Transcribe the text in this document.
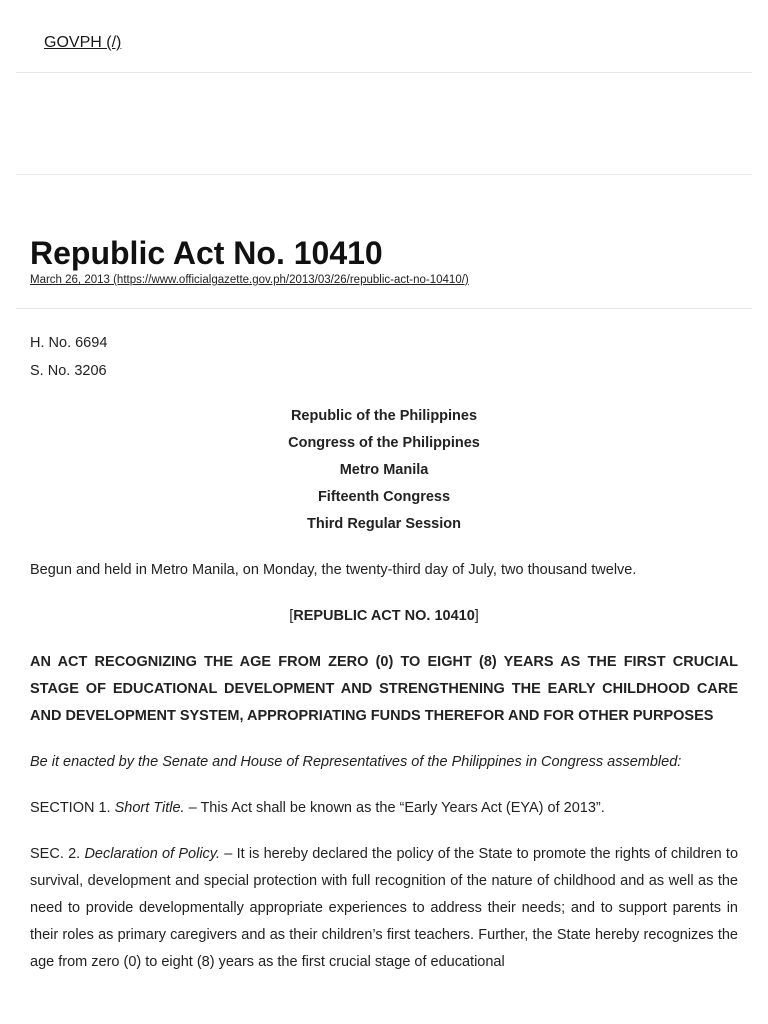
GOVPH (/)
Republic Act No. 10410
March 26, 2013 (https://www.officialgazette.gov.ph/2013/03/26/republic-act-no-10410/)

H. No. 6694

S. No. 3206

Republic of the Philippines
Congress of the Philippines
Metro Manila
Fifteenth Congress
Third Regular Session

Begun and held in Metro Manila, on Monday, the twenty-third day of July, two thousand twelve.

[REPUBLIC ACT NO. 10410]

AN ACT RECOGNIZING THE AGE FROM ZERO (0) TO EIGHT (8) YEARS AS THE FIRST CRUCIAL STAGE OF EDUCATIONAL DEVELOPMENT AND STRENGTHENING THE EARLY CHILDHOOD CARE AND DEVELOPMENT SYSTEM, APPROPRIATING FUNDS THEREFOR AND FOR OTHER PURPOSES

Be it enacted by the Senate and House of Representatives of the Philippines in Congress assembled:

SECTION 1. Short Title. – This Act shall be known as the “Early Years Act (EYA) of 2013”.

SEC. 2. Declaration of Policy. – It is hereby declared the policy of the State to promote the rights of children to survival, development and special protection with full recognition of the nature of childhood and as well as the need to provide developmentally appropriate experiences to address their needs; and to support parents in their roles as primary caregivers and as their children’s first teachers. Further, the State hereby recognizes the age from zero (0) to eight (8) years as the first crucial stage of educational
